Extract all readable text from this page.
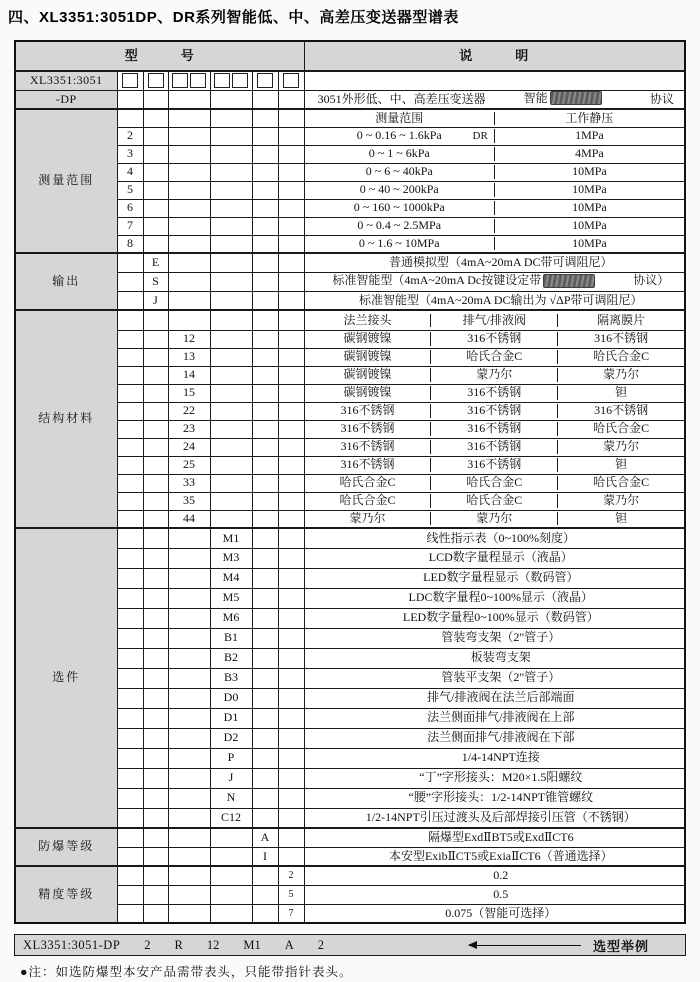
四、XL3351:3051DP、DR系列智能低、中、高差压变送器型谱表
型　　　号							说　　　明
XL3351:3051							
-DP							3051外形低、中、高差压变送器 智能 协议

测量范围							测量范围 工作静压

	2						0 ~ 0.16 ~ 1.6kPa DR 1MPa

	3						0 ~ 1 ~ 6kPa 4MPa

	4						0 ~ 6 ~ 40kPa 10MPa

	5						0 ~ 40 ~ 200kPa 10MPa

	6						0 ~ 160 ~ 1000kPa 10MPa

	7						0 ~ 0.4 ~ 2.5MPa 10MPa

	8						0 ~ 1.6 ~ 10MPa 10MPa

输出		E					普通模拟型（4mA~20mA DC带可调阻尼）
		S					标准智能型（4mA~20mA Dc按键设定带 协议）
		J					标准智能型（4mA~20mA DC输出为 √ΔP带可调阻尼）
结构材料							法兰接头 排气/排液阀 隔离膜片

			12				碳钢镀镍 316不锈钢 316不锈钢

			13				碳钢镀镍 哈氏合金C 哈氏合金C

			14				碳钢镀镍 蒙乃尔 蒙乃尔

			15				碳钢镀镍 316不锈钢 钽

			22				316不锈钢 316不锈钢 316不锈钢

			23				316不锈钢 316不锈钢 哈氏合金C

			24				316不锈钢 316不锈钢 蒙乃尔

			25				316不锈钢 316不锈钢 钽

			33				哈氏合金C 哈氏合金C 哈氏合金C

			35				哈氏合金C 哈氏合金C 蒙乃尔

			44				蒙乃尔 蒙乃尔 钽

选件				M1			线性指示表（0~100%刻度）
				M3			LCD数字量程显示（液晶）
				M4			LED数字量程显示（数码管）
				M5			LDC数字量程0~100%显示（液晶）
				M6			LED数字量程0~100%显示（数码管）
				B1			管装弯支架（2"管子）
				B2			板装弯支架
				B3			管装平支架（2"管子）
				D0			排气/排液阀在法兰后部端面
				D1			法兰侧面排气/排液阀在上部
				D2			法兰侧面排气/排液阀在下部
				P			1/4-14NPT连接
				J			“丁”字形接头：M20×1.5阳螺纹
				N			“腰”字形接头：1/2-14NPT锥管螺纹
				C12			1/2-14NPT引压过渡头及后部焊接引压管（不锈钢）
防爆等级					A		隔爆型ExdⅡBT5或ExdⅡCT6
					I		本安型ExibⅡCT5或ExiaⅡCT6（普通选择）
精度等级						2	0.2
						5	0.5
						7	0.075（智能可选择）
XL3351:3051-DP	2 R 12 M1 A 2	选型举例
●注：如选防爆型本安产品需带表头，只能带指针表头。
